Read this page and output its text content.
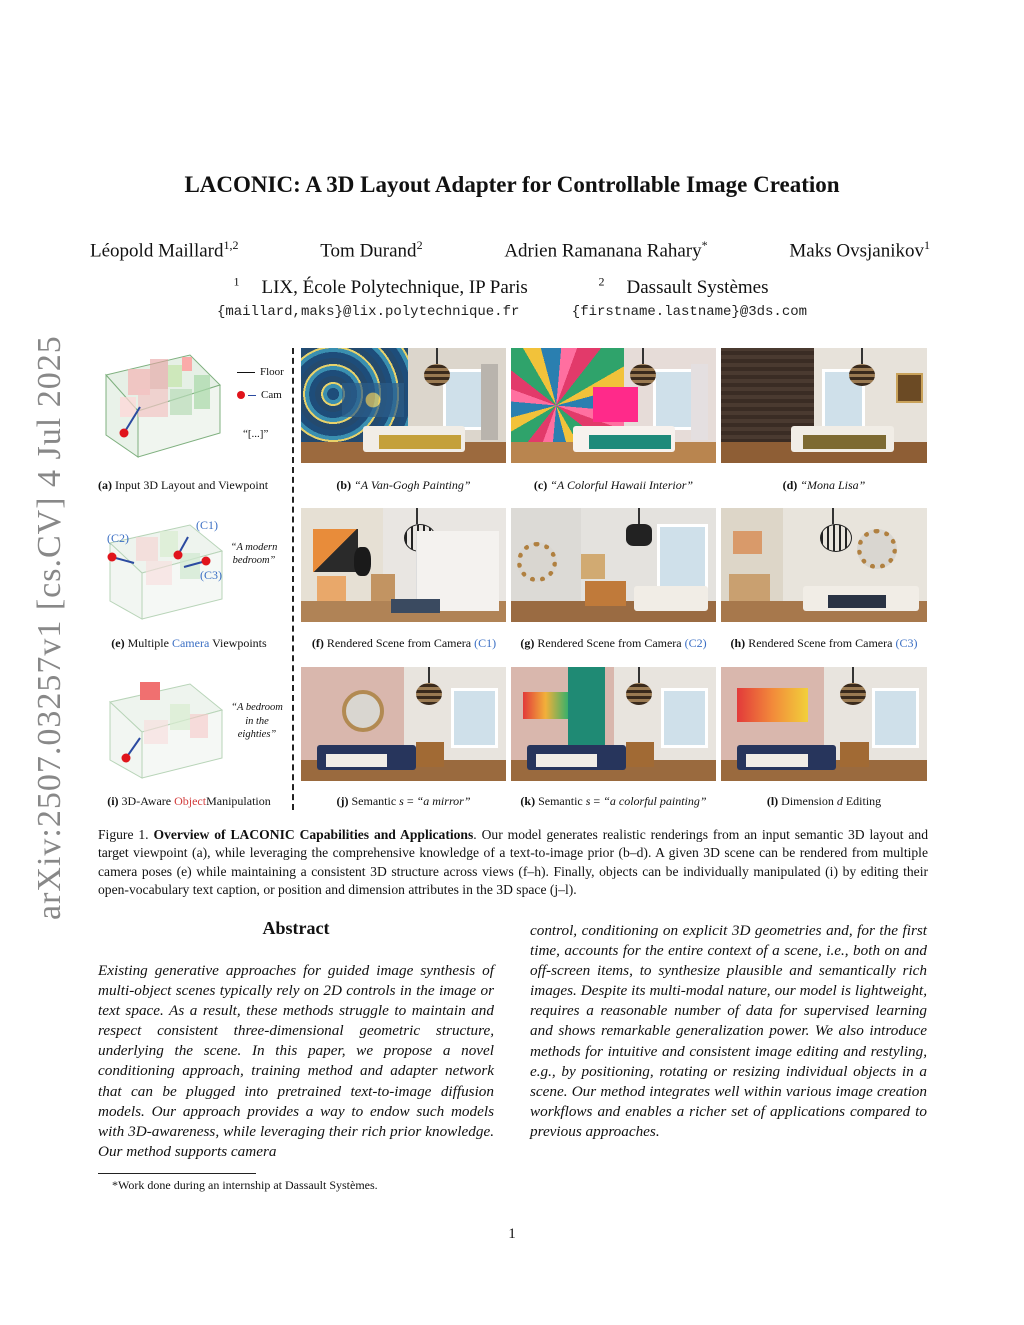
arXiv:2507.03257v1 [cs.CV] 4 Jul 2025
LACONIC: A 3D Layout Adapter for Controllable Image Creation
Léopold Maillard$^{1,2}$	Tom Durand$^2$	Adrien Ramanana Rahary*	Maks Ovsjanikov$^1$
$^1$ LIX, École Polytechnique, IP Paris	$^2$ Dassault Systèmes
{maillard,maks}@lix.polytechnique.fr	{firstname.lastname}@3ds.com
Floor
Cam
“[...]”
(a) Input 3D Layout and Viewpoint	(b) “A Van-Gogh Painting”	(c) “A Colorful Hawaii Interior”	(d) “Mona Lisa”
(C1)
(C2)
(C3)
“A modern bedroom”
(e) Multiple Camera Viewpoints	(f) Rendered Scene from Camera (C1)	(g) Rendered Scene from Camera (C2)	(h) Rendered Scene from Camera (C3)
“A bedroom in the eighties”
(i) 3D-Aware ObjectManipulation	(j) Semantic s = “a mirror”	(k) Semantic s = “a colorful painting”	(l) Dimension d Editing
Figure 1. Overview of LACONIC Capabilities and Applications. Our model generates realistic renderings from an input semantic 3D layout and target viewpoint (a), while leveraging the comprehensive knowledge of a text-to-image prior (b–d). A given 3D scene can be rendered from multiple camera poses (e) while maintaining a consistent 3D structure across views (f–h). Finally, objects can be individually manipulated (i) by editing their open-vocabulary text caption, or position and dimension attributes in the 3D space (j–l).
Abstract
Existing generative approaches for guided image synthesis of multi-object scenes typically rely on 2D controls in the image or text space. As a result, these methods struggle to maintain and respect consistent three-dimensional geometric structure, underlying the scene. In this paper, we propose a novel conditioning approach, training method and adapter network that can be plugged into pretrained text-to-image diffusion models. Our approach provides a way to endow such models with 3D-awareness, while leveraging their rich prior knowledge. Our method supports camera
control, conditioning on explicit 3D geometries and, for the first time, accounts for the entire context of a scene, i.e., both on and off-screen items, to synthesize plausible and semantically rich images. Despite its multi-modal nature, our model is lightweight, requires a reasonable number of data for supervised learning and shows remarkable generalization power. We also introduce methods for intuitive and consistent image editing and restyling, e.g., by positioning, rotating or resizing individual objects in a scene. Our method integrates well within various image creation workflows and enables a richer set of applications compared to previous approaches.
*Work done during an internship at Dassault Systèmes.
1
